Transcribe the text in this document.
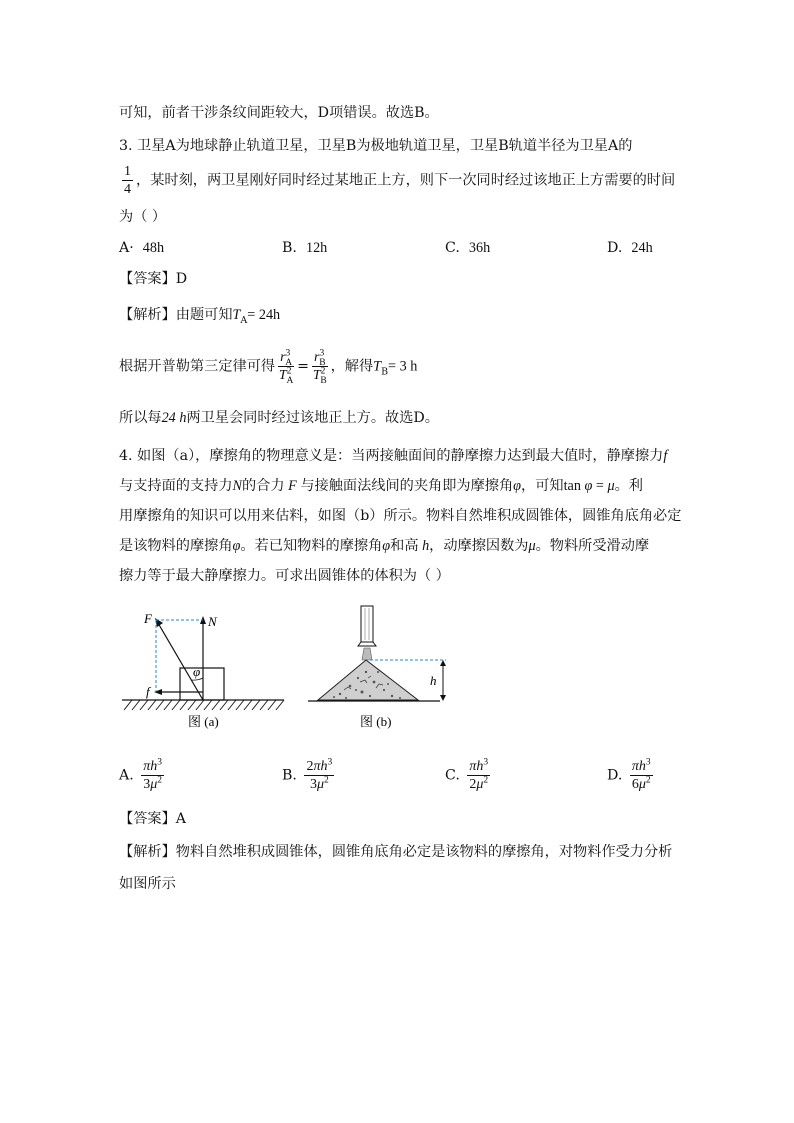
可知，前者干涉条纹间距较大，D项错误。故选B。
3. 卫星A为地球静止轨道卫星，卫星B为极地轨道卫星，卫星B轨道半径为卫星A的
$\frac{1}{4}$ ，某时刻，两卫星刚好同时经过某地正上方，则下一次同时经过该地正上方需要的时间
为（ ）
A· 48h	B. 12h	C. 36h	D. 24h
【答案】D
【解析】由题可知$T_A= 24h$
根据开普勒第三定律可得 $\frac{r^3_A}{T^2_A} = \frac{r^3_B}{T^2_B}$ ，解得$T_B= 3$ h
所以每24 h两卫星会同时经过该地正上方。故选D。
4. 如图（a），摩擦角的物理意义是：当两接触面间的静摩擦力达到最大值时，静摩擦力f
与支持面的支持力N的合力 F 与接触面法线间的夹角即为摩擦角φ，可知tan φ = μ。利
用摩擦角的知识可以用来估料，如图（b）所示。物料自然堆积成圆锥体，圆锥角底角必定
是该物料的摩擦角φ。若已知物料的摩擦角φ和高 h，动摩擦因数为μ。物料所受滑动摩
擦力等于最大静摩擦力。可求出圆锥体的体积为（ ）
φ
F	N
f
图 (a)
h
图 (b)
A. $\frac{\pi h^3}{3\mu^2}$	B. $\frac{2\pi h^3}{3\mu^2}$	C. $\frac{\pi h^3}{2\mu^2}$	D. $\frac{\pi h^3}{6\mu^2}$
【答案】A
【解析】物料自然堆积成圆锥体，圆锥角底角必定是该物料的摩擦角，对物料作受力分析
如图所示
